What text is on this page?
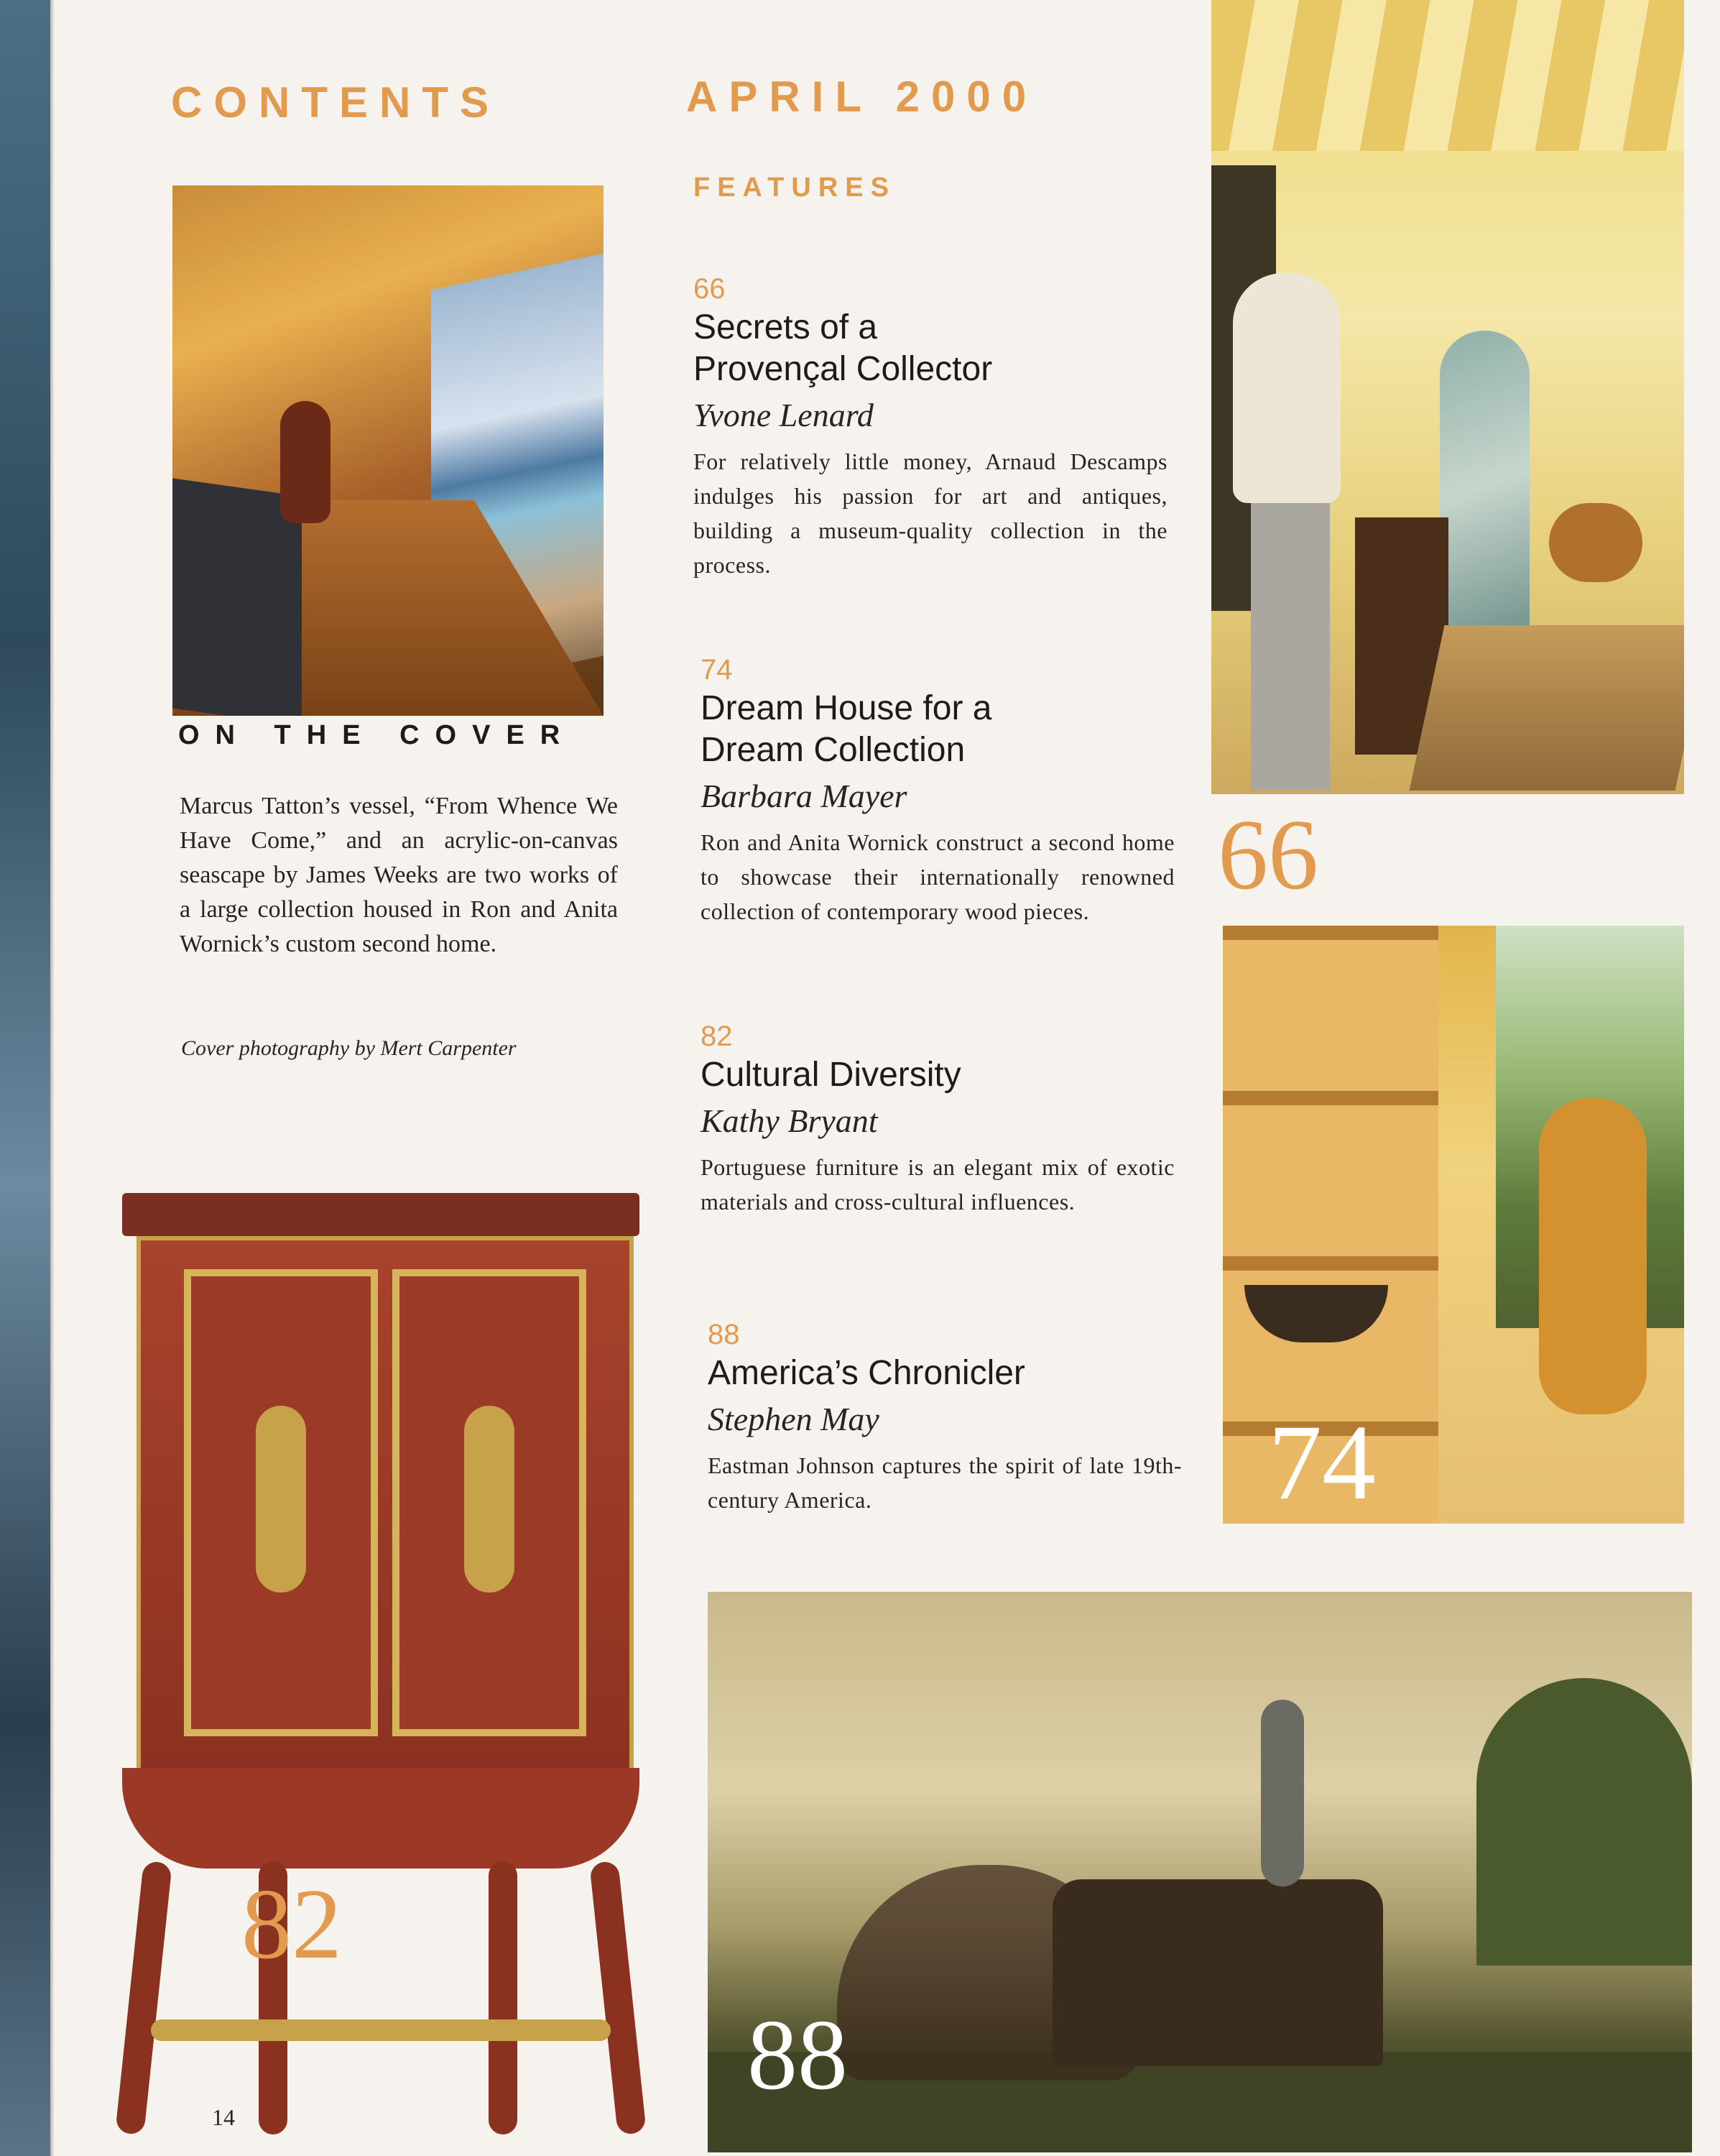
CONTENTS	APRIL 2000
FEATURES
ON THE COVER
Marcus Tatton’s vessel, “From Whence We Have Come,” and an acrylic-on-canvas seascape by James Weeks are two works of a large collection housed in Ron and Anita Wornick’s custom second home.
Cover photography by Mert Carpenter
66
74
82
88
66
Secrets of a
Provençal Collector
Yvone Lenard
For relatively little money, Arnaud Descamps indulges his passion for art and antiques, building a museum-quality collection in the process.
74
Dream House for a
Dream Collection
Barbara Mayer
Ron and Anita Wornick construct a second home to showcase their internationally renowned collection of contemporary wood pieces.
82
Cultural Diversity
Kathy Bryant
Portuguese furniture is an elegant mix of exotic materials and cross-cultural influences.
88
America’s Chronicler
Stephen May
Eastman Johnson captures the spirit of late 19th-century America.
14
